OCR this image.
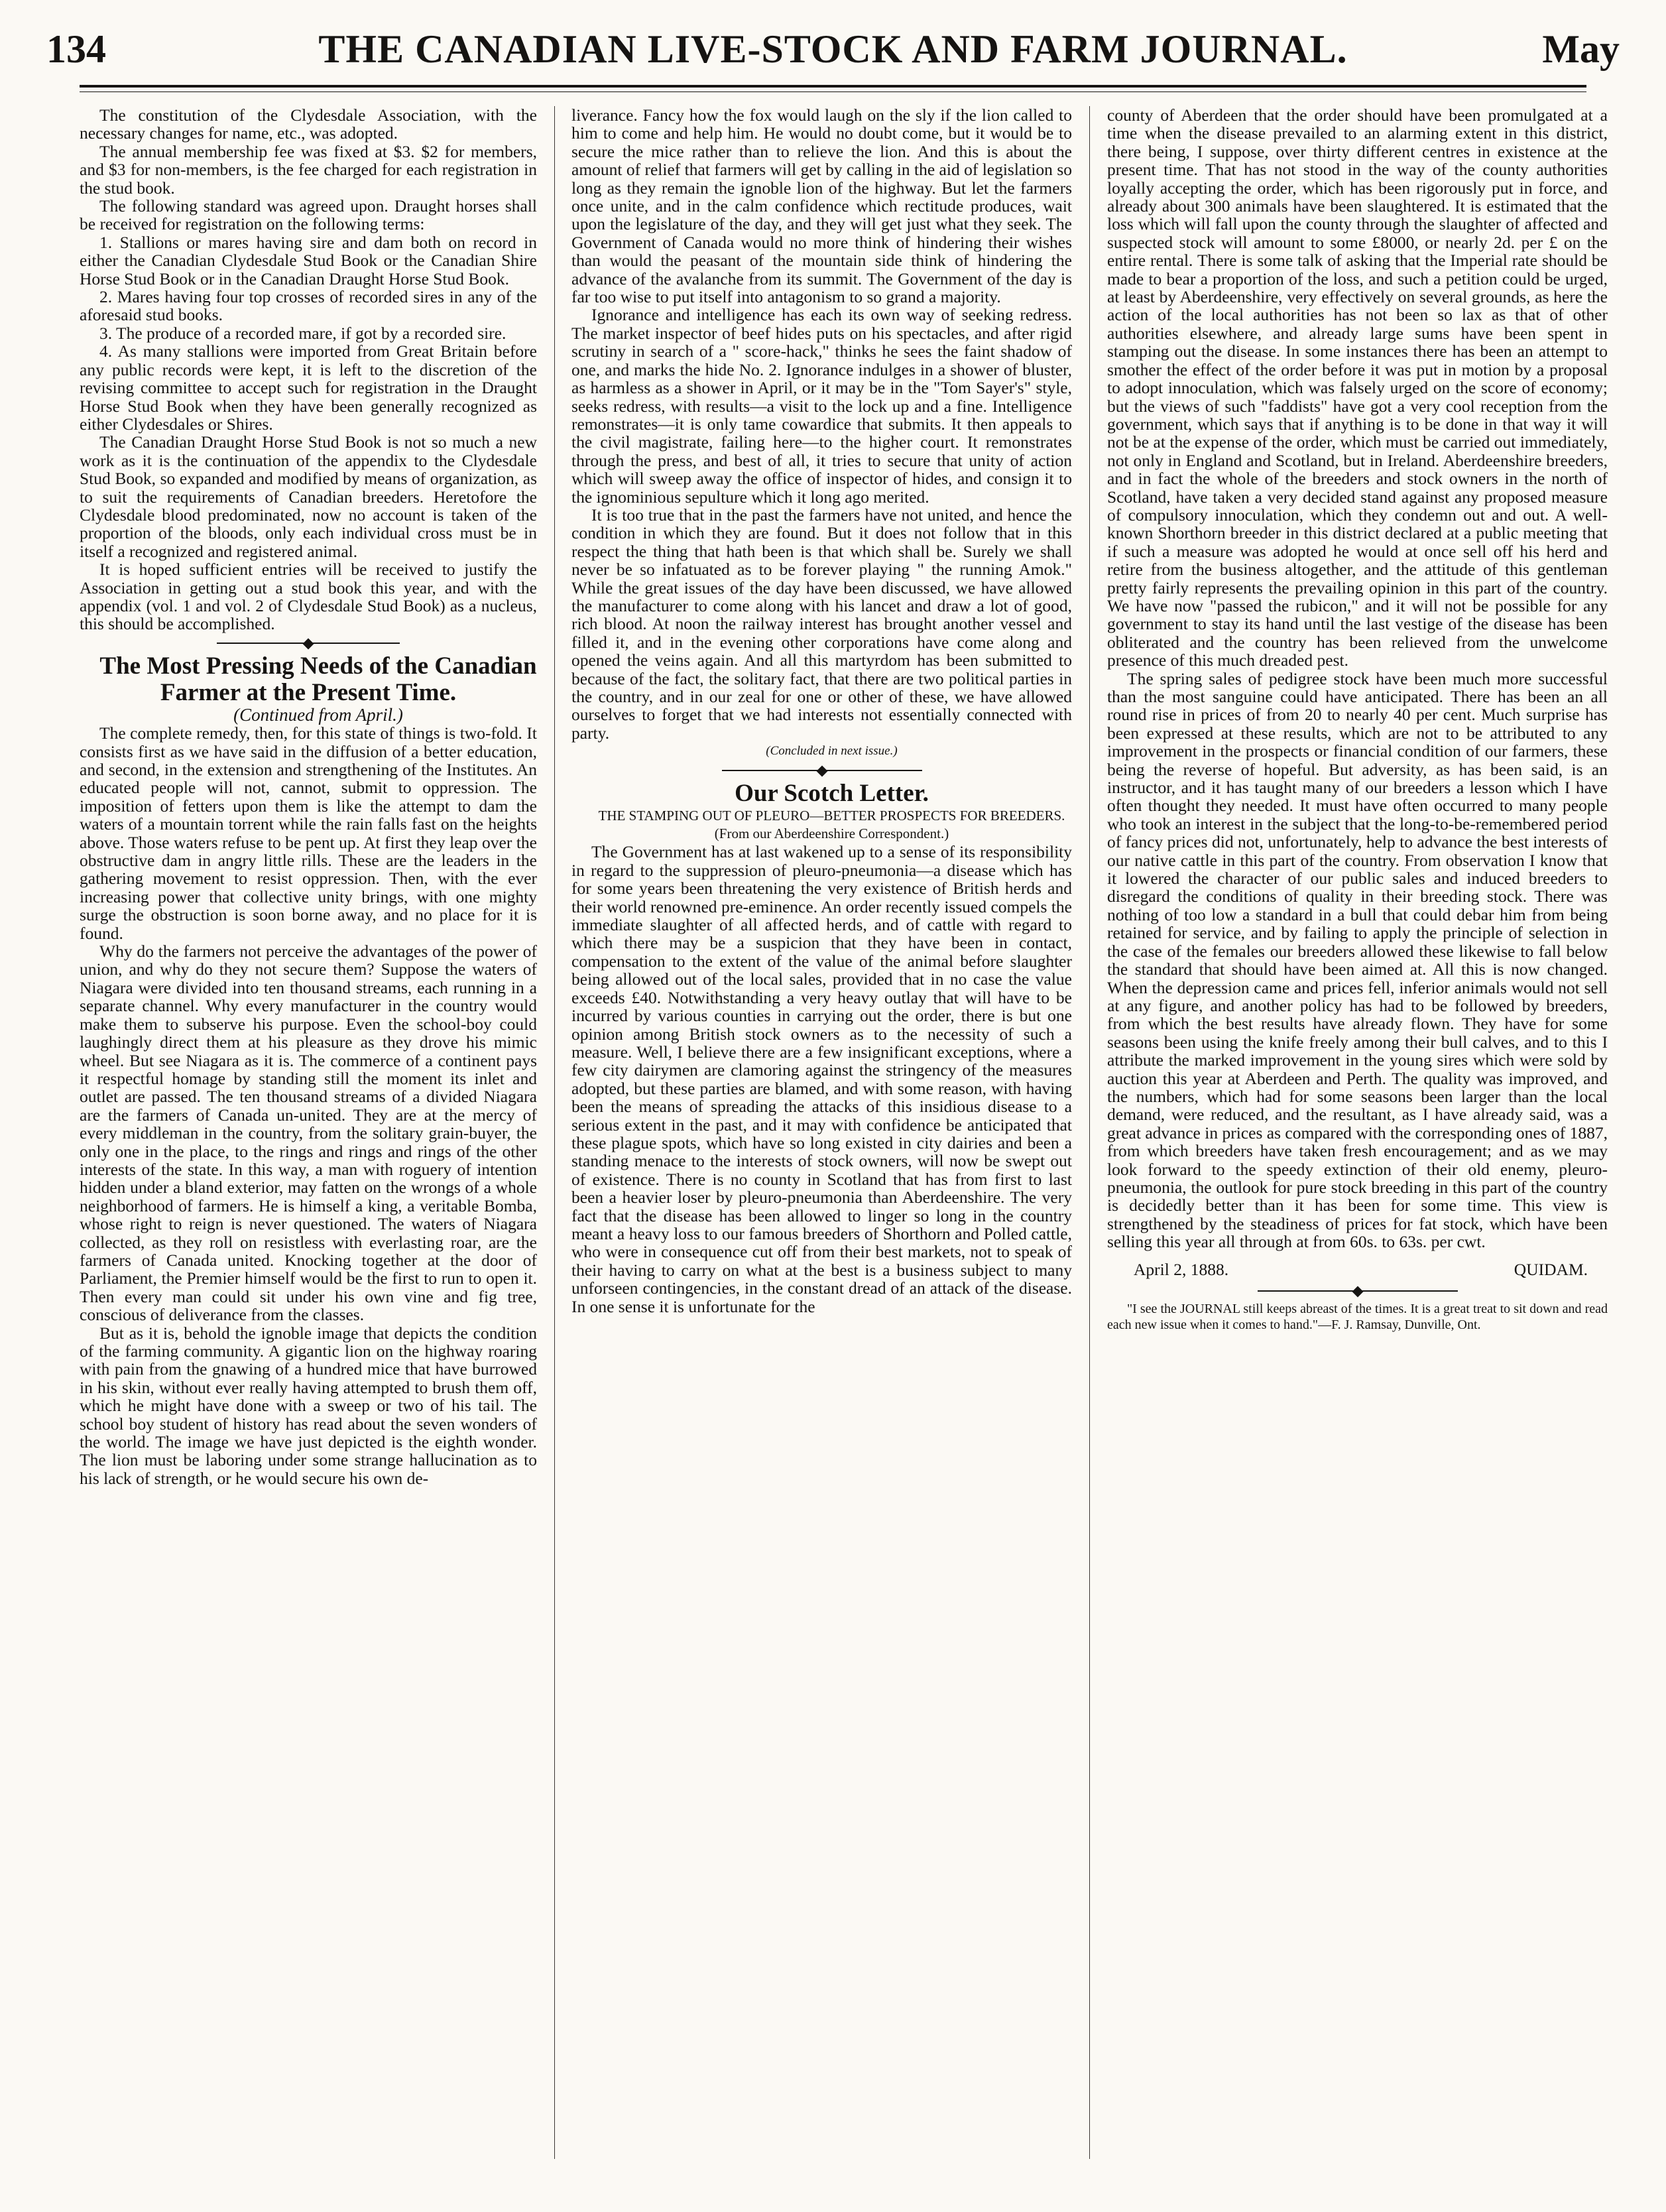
134	THE CANADIAN LIVE-STOCK AND FARM JOURNAL.	May

The constitution of the Clydesdale Association, with the necessary changes for name, etc., was adopted.

The annual membership fee was fixed at $3. $2 for members, and $3 for non-members, is the fee charged for each registration in the stud book.

The following standard was agreed upon. Draught horses shall be received for registration on the following terms:

1. Stallions or mares having sire and dam both on record in either the Canadian Clydesdale Stud Book or the Canadian Shire Horse Stud Book or in the Canadian Draught Horse Stud Book.

2. Mares having four top crosses of recorded sires in any of the aforesaid stud books.

3. The produce of a recorded mare, if got by a recorded sire.

4. As many stallions were imported from Great Britain before any public records were kept, it is left to the discretion of the revising committee to accept such for registration in the Draught Horse Stud Book when they have been generally recognized as either Clydesdales or Shires.

The Canadian Draught Horse Stud Book is not so much a new work as it is the continuation of the appendix to the Clydesdale Stud Book, so expanded and modified by means of organization, as to suit the requirements of Canadian breeders. Heretofore the Clydesdale blood predominated, now no account is taken of the proportion of the bloods, only each individual cross must be in itself a recognized and registered animal.

It is hoped sufficient entries will be received to justify the Association in getting out a stud book this year, and with the appendix (vol. 1 and vol. 2 of Clydesdale Stud Book) as a nucleus, this should be accomplished.

The Most Pressing Needs of the Canadian Farmer at the Present Time.

(Continued from April.)

The complete remedy, then, for this state of things is two-fold. It consists first as we have said in the diffusion of a better education, and second, in the extension and strengthening of the Institutes. An educated people will not, cannot, submit to oppression. The imposition of fetters upon them is like the attempt to dam the waters of a mountain torrent while the rain falls fast on the heights above. Those waters refuse to be pent up. At first they leap over the obstructive dam in angry little rills. These are the leaders in the gathering movement to resist oppression. Then, with the ever increasing power that collective unity brings, with one mighty surge the obstruction is soon borne away, and no place for it is found.

Why do the farmers not perceive the advantages of the power of union, and why do they not secure them? Suppose the waters of Niagara were divided into ten thousand streams, each running in a separate channel. Why every manufacturer in the country would make them to subserve his purpose. Even the school-boy could laughingly direct them at his pleasure as they drove his mimic wheel. But see Niagara as it is. The commerce of a continent pays it respectful homage by standing still the moment its inlet and outlet are passed. The ten thousand streams of a divided Niagara are the farmers of Canada un-united. They are at the mercy of every middleman in the country, from the solitary grain-buyer, the only one in the place, to the rings and rings and rings of the other interests of the state. In this way, a man with roguery of intention hidden under a bland exterior, may fatten on the wrongs of a whole neighborhood of farmers. He is himself a king, a veritable Bomba, whose right to reign is never questioned. The waters of Niagara collected, as they roll on resistless with everlasting roar, are the farmers of Canada united. Knocking together at the door of Parliament, the Premier himself would be the first to run to open it. Then every man could sit under his own vine and fig tree, conscious of deliverance from the classes.

But as it is, behold the ignoble image that depicts the condition of the farming community. A gigantic lion on the highway roaring with pain from the gnawing of a hundred mice that have burrowed in his skin, without ever really having attempted to brush them off, which he might have done with a sweep or two of his tail. The school boy student of history has read about the seven wonders of the world. The image we have just depicted is the eighth wonder. The lion must be laboring under some strange hallucination as to his lack of strength, or he would secure his own de-

liverance. Fancy how the fox would laugh on the sly if the lion called to him to come and help him. He would no doubt come, but it would be to secure the mice rather than to relieve the lion. And this is about the amount of relief that farmers will get by calling in the aid of legislation so long as they remain the ignoble lion of the highway. But let the farmers once unite, and in the calm confidence which rectitude produces, wait upon the legislature of the day, and they will get just what they seek. The Government of Canada would no more think of hindering their wishes than would the peasant of the mountain side think of hindering the advance of the avalanche from its summit. The Government of the day is far too wise to put itself into antagonism to so grand a majority.

Ignorance and intelligence has each its own way of seeking redress. The market inspector of beef hides puts on his spectacles, and after rigid scrutiny in search of a " score-hack," thinks he sees the faint shadow of one, and marks the hide No. 2. Ignorance indulges in a shower of bluster, as harmless as a shower in April, or it may be in the "Tom Sayer's" style, seeks redress, with results—a visit to the lock up and a fine. Intelligence remonstrates—it is only tame cowardice that submits. It then appeals to the civil magistrate, failing here—to the higher court. It remonstrates through the press, and best of all, it tries to secure that unity of action which will sweep away the office of inspector of hides, and consign it to the ignominious sepulture which it long ago merited.

It is too true that in the past the farmers have not united, and hence the condition in which they are found. But it does not follow that in this respect the thing that hath been is that which shall be. Surely we shall never be so infatuated as to be forever playing " the running Amok." While the great issues of the day have been discussed, we have allowed the manufacturer to come along with his lancet and draw a lot of good, rich blood. At noon the railway interest has brought another vessel and filled it, and in the evening other corporations have come along and opened the veins again. And all this martyrdom has been submitted to because of the fact, the solitary fact, that there are two political parties in the country, and in our zeal for one or other of these, we have allowed ourselves to forget that we had interests not essentially connected with party.

(Concluded in next issue.)

Our Scotch Letter.

THE STAMPING OUT OF PLEURO—BETTER PROSPECTS FOR BREEDERS.

(From our Aberdeenshire Correspondent.)

The Government has at last wakened up to a sense of its responsibility in regard to the suppression of pleuro-pneumonia—a disease which has for some years been threatening the very existence of British herds and their world renowned pre-eminence. An order recently issued compels the immediate slaughter of all affected herds, and of cattle with regard to which there may be a suspicion that they have been in contact, compensation to the extent of the value of the animal before slaughter being allowed out of the local sales, provided that in no case the value exceeds £40. Notwithstanding a very heavy outlay that will have to be incurred by various counties in carrying out the order, there is but one opinion among British stock owners as to the necessity of such a measure. Well, I believe there are a few insignificant exceptions, where a few city dairymen are clamoring against the stringency of the measures adopted, but these parties are blamed, and with some reason, with having been the means of spreading the attacks of this insidious disease to a serious extent in the past, and it may with confidence be anticipated that these plague spots, which have so long existed in city dairies and been a standing menace to the interests of stock owners, will now be swept out of existence. There is no county in Scotland that has from first to last been a heavier loser by pleuro-pneumonia than Aberdeenshire. The very fact that the disease has been allowed to linger so long in the country meant a heavy loss to our famous breeders of Shorthorn and Polled cattle, who were in consequence cut off from their best markets, not to speak of their having to carry on what at the best is a business subject to many unforseen contingencies, in the constant dread of an attack of the disease. In one sense it is unfortunate for the

county of Aberdeen that the order should have been promulgated at a time when the disease prevailed to an alarming extent in this district, there being, I suppose, over thirty different centres in existence at the present time. That has not stood in the way of the county authorities loyally accepting the order, which has been rigorously put in force, and already about 300 animals have been slaughtered. It is estimated that the loss which will fall upon the county through the slaughter of affected and suspected stock will amount to some £8000, or nearly 2d. per £ on the entire rental. There is some talk of asking that the Imperial rate should be made to bear a proportion of the loss, and such a petition could be urged, at least by Aberdeenshire, very effectively on several grounds, as here the action of the local authorities has not been so lax as that of other authorities elsewhere, and already large sums have been spent in stamping out the disease. In some instances there has been an attempt to smother the effect of the order before it was put in motion by a proposal to adopt innoculation, which was falsely urged on the score of economy; but the views of such "faddists" have got a very cool reception from the government, which says that if anything is to be done in that way it will not be at the expense of the order, which must be carried out immediately, not only in England and Scotland, but in Ireland. Aberdeenshire breeders, and in fact the whole of the breeders and stock owners in the north of Scotland, have taken a very decided stand against any proposed measure of compulsory innoculation, which they condemn out and out. A well-known Shorthorn breeder in this district declared at a public meeting that if such a measure was adopted he would at once sell off his herd and retire from the business altogether, and the attitude of this gentleman pretty fairly represents the prevailing opinion in this part of the country. We have now "passed the rubicon," and it will not be possible for any government to stay its hand until the last vestige of the disease has been obliterated and the country has been relieved from the unwelcome presence of this much dreaded pest.

The spring sales of pedigree stock have been much more successful than the most sanguine could have anticipated. There has been an all round rise in prices of from 20 to nearly 40 per cent. Much surprise has been expressed at these results, which are not to be attributed to any improvement in the prospects or financial condition of our farmers, these being the reverse of hopeful. But adversity, as has been said, is an instructor, and it has taught many of our breeders a lesson which I have often thought they needed. It must have often occurred to many people who took an interest in the subject that the long-to-be-remembered period of fancy prices did not, unfortunately, help to advance the best interests of our native cattle in this part of the country. From observation I know that it lowered the character of our public sales and induced breeders to disregard the conditions of quality in their breeding stock. There was nothing of too low a standard in a bull that could debar him from being retained for service, and by failing to apply the principle of selection in the case of the females our breeders allowed these likewise to fall below the standard that should have been aimed at. All this is now changed. When the depression came and prices fell, inferior animals would not sell at any figure, and another policy has had to be followed by breeders, from which the best results have already flown. They have for some seasons been using the knife freely among their bull calves, and to this I attribute the marked improvement in the young sires which were sold by auction this year at Aberdeen and Perth. The quality was improved, and the numbers, which had for some seasons been larger than the local demand, were reduced, and the resultant, as I have already said, was a great advance in prices as compared with the corresponding ones of 1887, from which breeders have taken fresh encouragement; and as we may look forward to the speedy extinction of their old enemy, pleuro-pneumonia, the outlook for pure stock breeding in this part of the country is decidedly better than it has been for some time. This view is strengthened by the steadiness of prices for fat stock, which have been selling this year all through at from 60s. to 63s. per cwt.

April 2, 1888.	QUIDAM.

"I see the JOURNAL still keeps abreast of the times. It is a great treat to sit down and read each new issue when it comes to hand."—F. J. Ramsay, Dunville, Ont.
